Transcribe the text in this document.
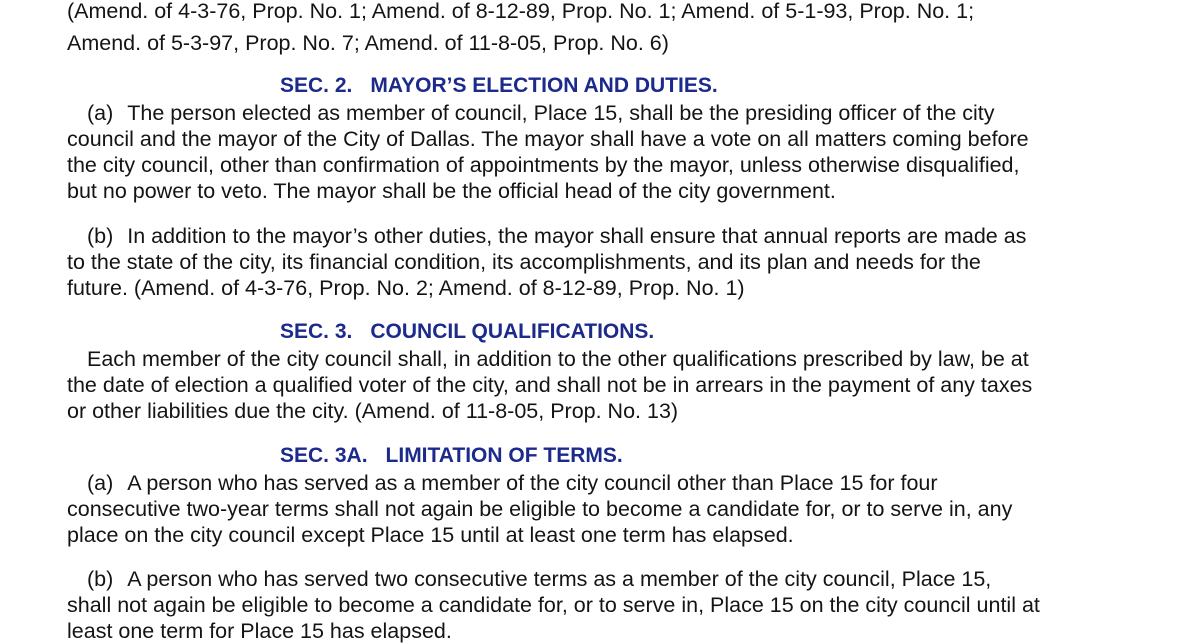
(Amend. of 4-3-76, Prop. No. 1; Amend. of 8-12-89, Prop. No. 1; Amend. of 5-1-93, Prop. No. 1;

Amend. of 5-3-97, Prop. No. 7; Amend. of 11-8-05, Prop. No. 6)

SEC. 2. MAYOR’S ELECTION AND DUTIES.

(a) The person elected as member of council, Place 15, shall be the presiding officer of the city

council and the mayor of the City of Dallas. The mayor shall have a vote on all matters coming before

the city council, other than confirmation of appointments by the mayor, unless otherwise disqualified,

but no power to veto. The mayor shall be the official head of the city government.

(b) In addition to the mayor’s other duties, the mayor shall ensure that annual reports are made as

to the state of the city, its financial condition, its accomplishments, and its plan and needs for the

future. (Amend. of 4-3-76, Prop. No. 2; Amend. of 8-12-89, Prop. No. 1)

SEC. 3. COUNCIL QUALIFICATIONS.

Each member of the city council shall, in addition to the other qualifications prescribed by law, be at

the date of election a qualified voter of the city, and shall not be in arrears in the payment of any taxes

or other liabilities due the city. (Amend. of 11-8-05, Prop. No. 13)

SEC. 3A. LIMITATION OF TERMS.

(a) A person who has served as a member of the city council other than Place 15 for four

consecutive two-year terms shall not again be eligible to become a candidate for, or to serve in, any

place on the city council except Place 15 until at least one term has elapsed.

(b) A person who has served two consecutive terms as a member of the city council, Place 15,

shall not again be eligible to become a candidate for, or to serve in, Place 15 on the city council until at

least one term for Place 15 has elapsed.
